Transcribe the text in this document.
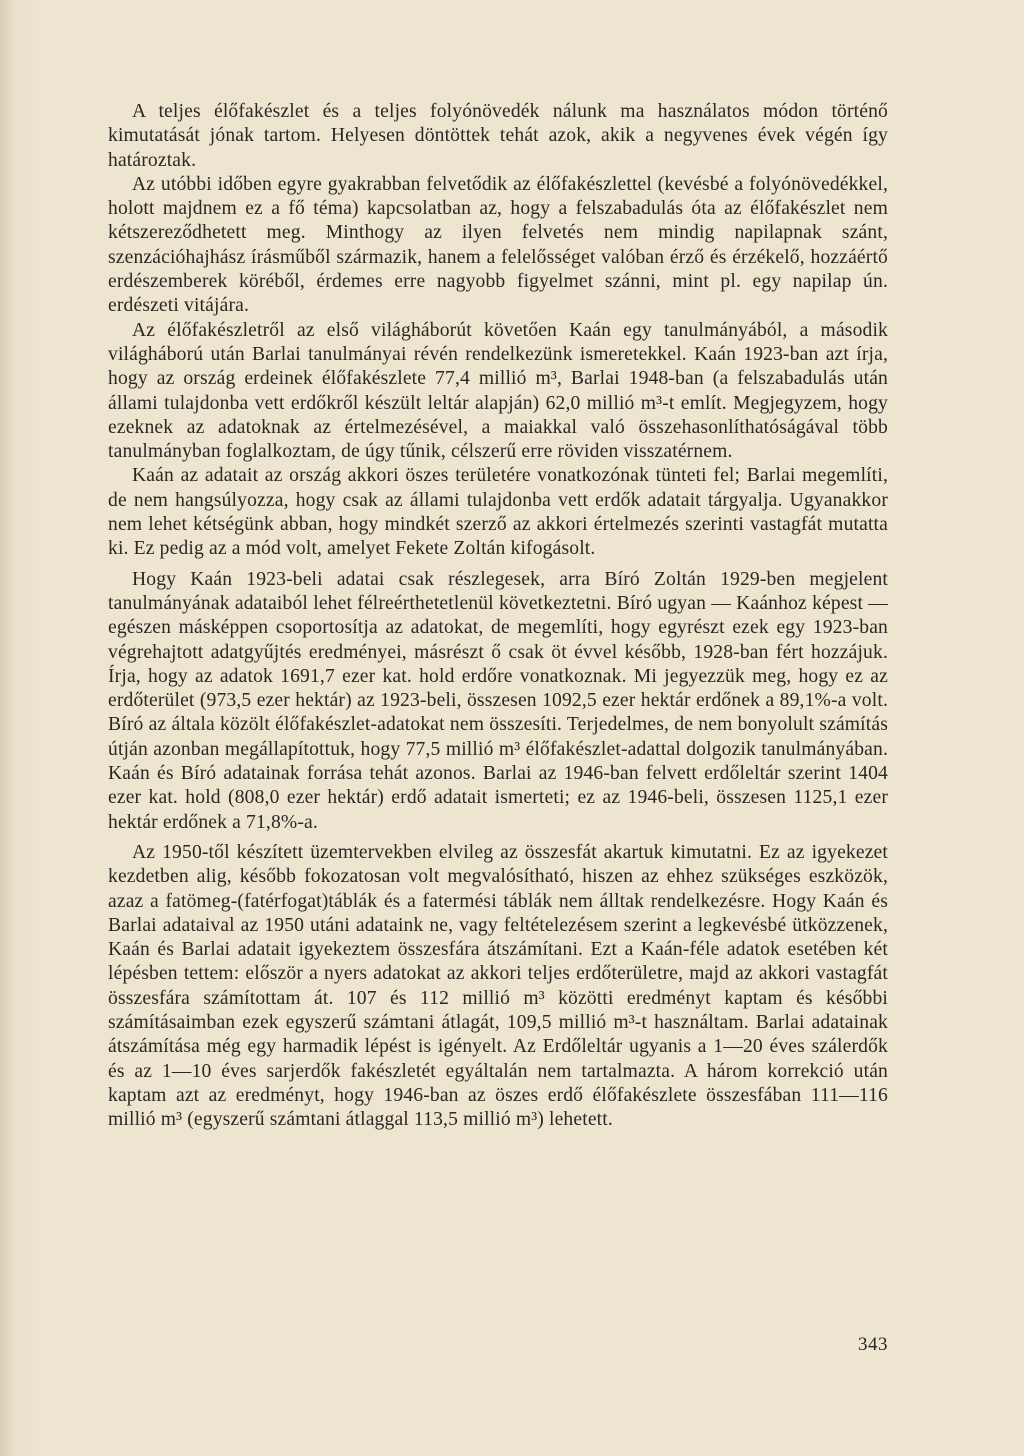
A teljes élőfakészlet és a teljes folyónövedék nálunk ma használatos módon történő kimutatását jónak tartom. Helyesen döntöttek tehát azok, akik a negyvenes évek végén így határoztak.

Az utóbbi időben egyre gyakrabban felvetődik az élőfakészlettel (kevésbé a folyónövedékkel, holott majdnem ez a fő téma) kapcsolatban az, hogy a felszabadulás óta az élőfakészlet nem kétszereződhetett meg. Minthogy az ilyen felvetés nem mindig napilapnak szánt, szenzációhajhász írásműből származik, hanem a felelősséget valóban érző és érzékelő, hozzáértő erdészemberek köréből, érdemes erre nagyobb figyelmet szánni, mint pl. egy napilap ún. erdészeti vitájára.

Az élőfakészletről az első világháborút követően Kaán egy tanulmányából, a második világháború után Barlai tanulmányai révén rendelkezünk ismeretekkel. Kaán 1923-ban azt írja, hogy az ország erdeinek élőfakészlete 77,4 millió m³, Barlai 1948-ban (a felszabadulás után állami tulajdonba vett erdőkről készült leltár alapján) 62,0 millió m³-t említ. Megjegyzem, hogy ezeknek az adatoknak az értelmezésével, a maiakkal való összehasonlíthatóságával több tanulmányban foglalkoztam, de úgy tűnik, célszerű erre röviden visszatérnem.

Kaán az adatait az ország akkori öszes területére vonatkozónak tünteti fel; Barlai megemlíti, de nem hangsúlyozza, hogy csak az állami tulajdonba vett erdők adatait tárgyalja. Ugyanakkor nem lehet kétségünk abban, hogy mindkét szerző az akkori értelmezés szerinti vastagfát mutatta ki. Ez pedig az a mód volt, amelyet Fekete Zoltán kifogásolt.

Hogy Kaán 1923-beli adatai csak részlegesek, arra Bíró Zoltán 1929-ben megjelent tanulmányának adataiból lehet félreérthetetlenül következtetni. Bíró ugyan — Kaánhoz képest — egészen másképpen csoportosítja az adatokat, de megemlíti, hogy egyrészt ezek egy 1923-ban végrehajtott adatgyűjtés eredményei, másrészt ő csak öt évvel később, 1928-ban fért hozzájuk. Írja, hogy az adatok 1691,7 ezer kat. hold erdőre vonatkoznak. Mi jegyezzük meg, hogy ez az erdőterület (973,5 ezer hektár) az 1923-beli, összesen 1092,5 ezer hektár erdőnek a 89,1%-a volt. Bíró az általa közölt élőfakészlet-adatokat nem összesíti. Terjedelmes, de nem bonyolult számítás útján azonban megállapítottuk, hogy 77,5 millió m³ élőfakészlet-adattal dolgozik tanulmányában. Kaán és Bíró adatainak forrása tehát azonos. Barlai az 1946-ban felvett erdőleltár szerint 1404 ezer kat. hold (808,0 ezer hektár) erdő adatait ismerteti; ez az 1946-beli, összesen 1125,1 ezer hektár erdőnek a 71,8%-a.

Az 1950-től készített üzemtervekben elvileg az összesfát akartuk kimutatni. Ez az igyekezet kezdetben alig, később fokozatosan volt megvalósítható, hiszen az ehhez szükséges eszközök, azaz a fatömeg-(fatérfogat)táblák és a fatermési táblák nem álltak rendelkezésre. Hogy Kaán és Barlai adataival az 1950 utáni adataink ne, vagy feltételezésem szerint a legkevésbé ütközzenek, Kaán és Barlai adatait igyekeztem összesfára átszámítani. Ezt a Kaán-féle adatok esetében két lépésben tettem: először a nyers adatokat az akkori teljes erdőterületre, majd az akkori vastagfát összesfára számítottam át. 107 és 112 millió m³ közötti eredményt kaptam és későbbi számításaimban ezek egyszerű számtani átlagát, 109,5 millió m³-t használtam. Barlai adatainak átszámítása még egy harmadik lépést is igényelt. Az Erdőleltár ugyanis a 1—20 éves szálerdők és az 1—10 éves sarjerdők fakészletét egyáltalán nem tartalmazta. A három korrekció után kaptam azt az eredményt, hogy 1946-ban az öszes erdő élőfakészlete összesfában 111—116 millió m³ (egyszerű számtani átlaggal 113,5 millió m³) lehetett.

343
